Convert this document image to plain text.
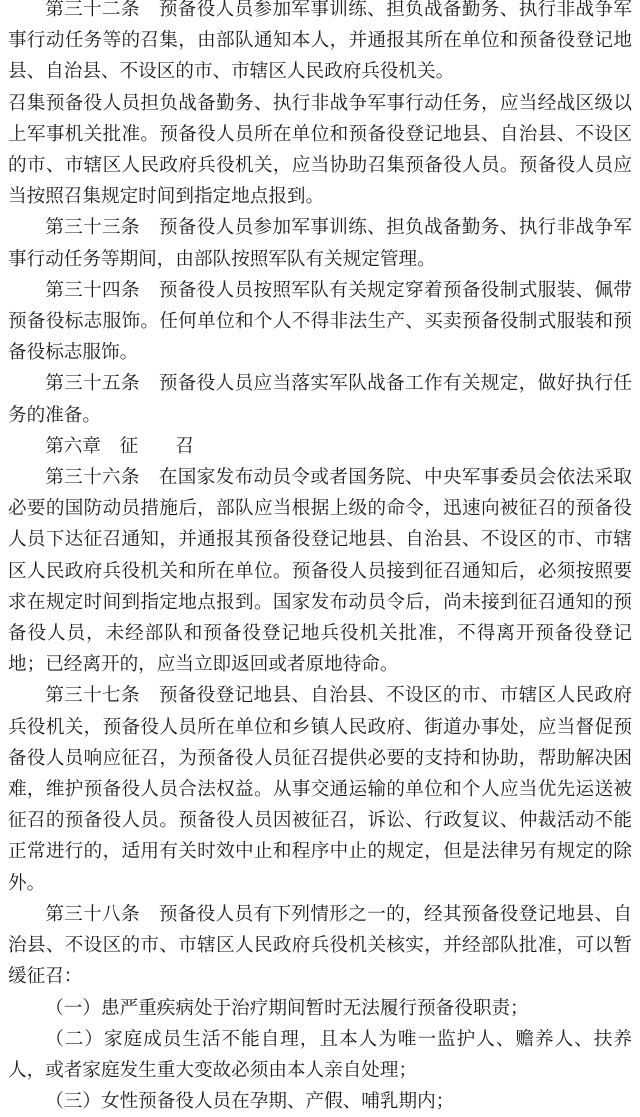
第三十二条　预备役人员参加军事训练、担负战备勤务、执行非战争军事行动任务等的召集，由部队通知本人，并通报其所在单位和预备役登记地县、自治县、不设区的市、市辖区人民政府兵役机关。

召集预备役人员担负战备勤务、执行非战争军事行动任务，应当经战区级以上军事机关批准。预备役人员所在单位和预备役登记地县、自治县、不设区的市、市辖区人民政府兵役机关，应当协助召集预备役人员。预备役人员应当按照召集规定时间到指定地点报到。

第三十三条　预备役人员参加军事训练、担负战备勤务、执行非战争军事行动任务等期间，由部队按照军队有关规定管理。

第三十四条　预备役人员按照军队有关规定穿着预备役制式服装、佩带预备役标志服饰。任何单位和个人不得非法生产、买卖预备役制式服装和预备役标志服饰。

第三十五条　预备役人员应当落实军队战备工作有关规定，做好执行任务的准备。

第六章　征　　召

第三十六条　在国家发布动员令或者国务院、中央军事委员会依法采取必要的国防动员措施后，部队应当根据上级的命令，迅速向被征召的预备役人员下达征召通知，并通报其预备役登记地县、自治县、不设区的市、市辖区人民政府兵役机关和所在单位。预备役人员接到征召通知后，必须按照要求在规定时间到指定地点报到。国家发布动员令后，尚未接到征召通知的预备役人员，未经部队和预备役登记地兵役机关批准，不得离开预备役登记地；已经离开的，应当立即返回或者原地待命。

第三十七条　预备役登记地县、自治县、不设区的市、市辖区人民政府兵役机关，预备役人员所在单位和乡镇人民政府、街道办事处，应当督促预备役人员响应征召，为预备役人员征召提供必要的支持和协助，帮助解决困难，维护预备役人员合法权益。从事交通运输的单位和个人应当优先运送被征召的预备役人员。预备役人员因被征召，诉讼、行政复议、仲裁活动不能正常进行的，适用有关时效中止和程序中止的规定，但是法律另有规定的除外。

第三十八条　预备役人员有下列情形之一的，经其预备役登记地县、自治县、不设区的市、市辖区人民政府兵役机关核实，并经部队批准，可以暂缓征召：

（一）患严重疾病处于治疗期间暂时无法履行预备役职责；

（二）家庭成员生活不能自理，且本人为唯一监护人、赡养人、扶养人，或者家庭发生重大变故必须由本人亲自处理；

（三）女性预备役人员在孕期、产假、哺乳期内；
